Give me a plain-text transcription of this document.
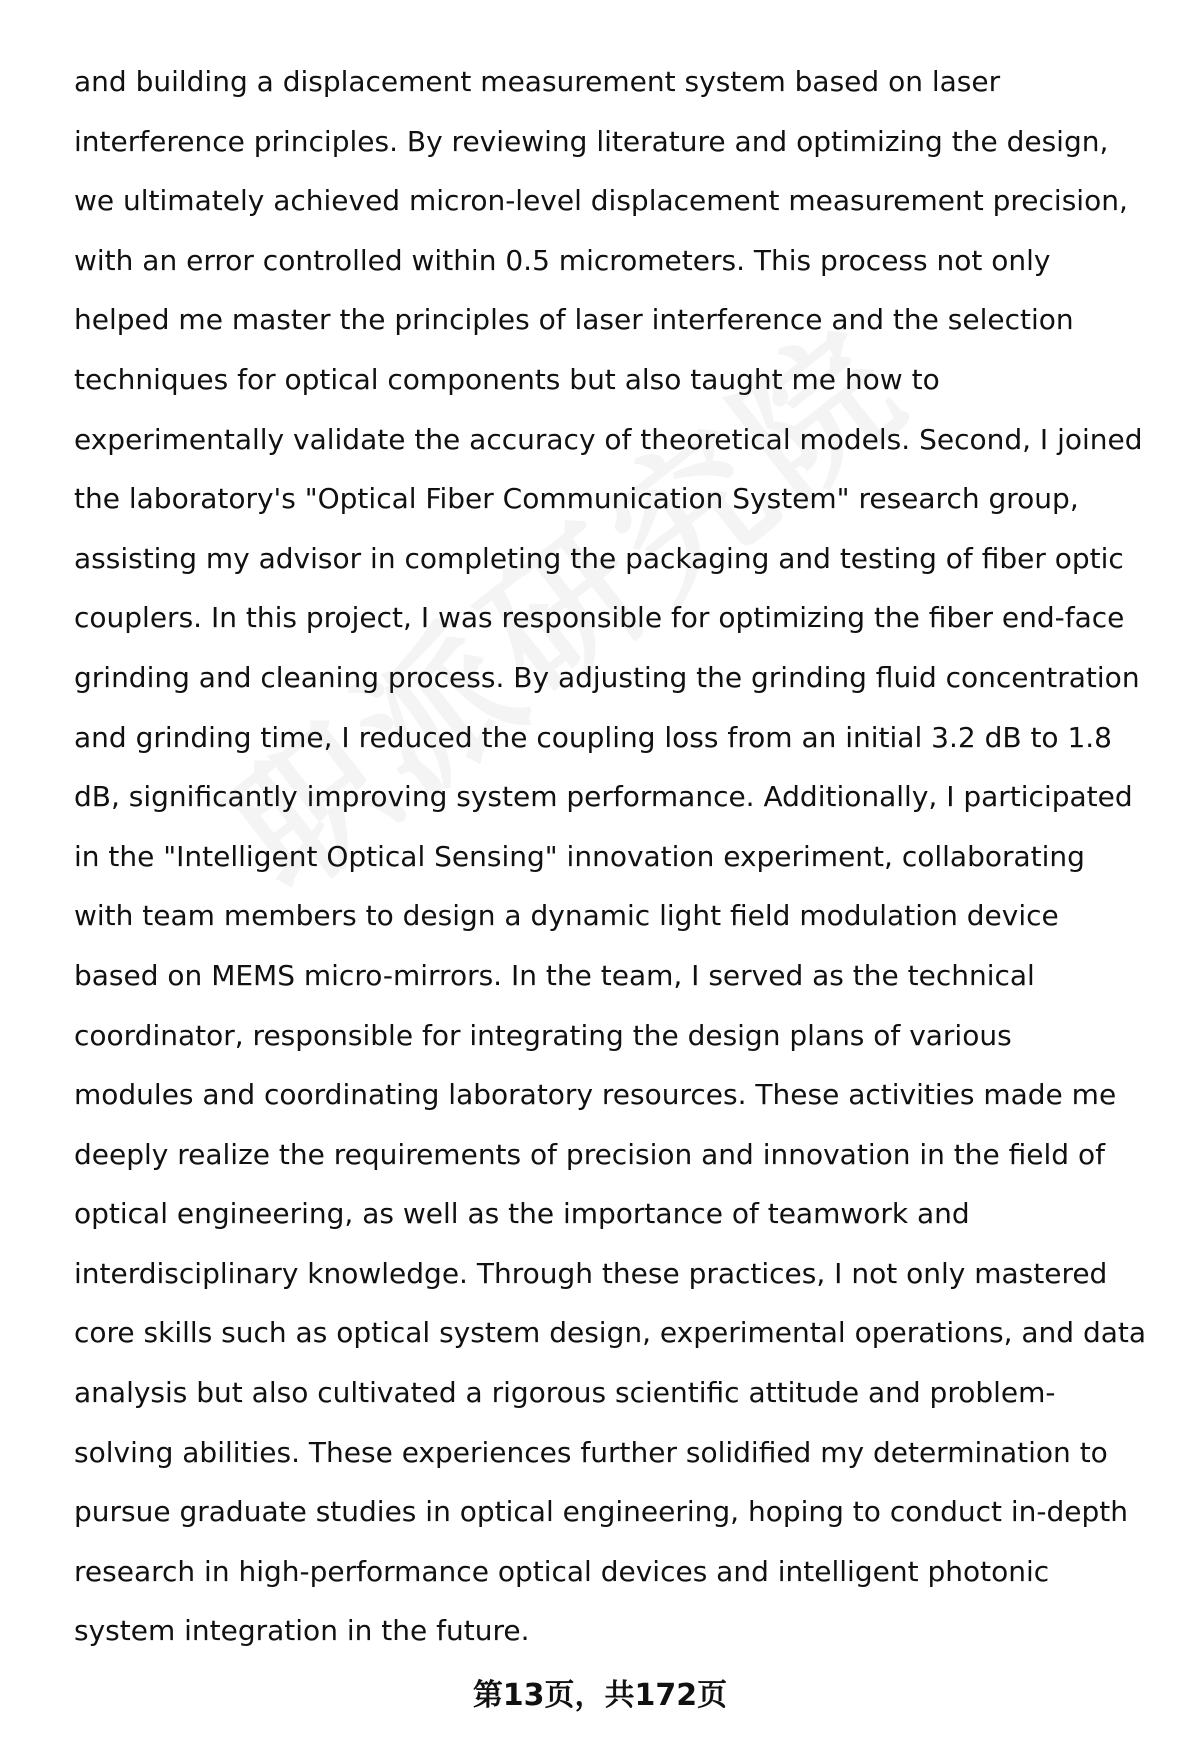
and building a displacement measurement system based on laser
interference principles. By reviewing literature and optimizing the design,
we ultimately achieved micron-level displacement measurement precision,
with an error controlled within 0.5 micrometers. This process not only
helped me master the principles of laser interference and the selection
techniques for optical components but also taught me how to
experimentally validate the accuracy of theoretical models. Second, I joined
the laboratory's "Optical Fiber Communication System" research group,
assisting my advisor in completing the packaging and testing of fiber optic
couplers. In this project, I was responsible for optimizing the fiber end-face
grinding and cleaning process. By adjusting the grinding fluid concentration
and grinding time, I reduced the coupling loss from an initial 3.2 dB to 1.8
dB, significantly improving system performance. Additionally, I participated
in the "Intelligent Optical Sensing" innovation experiment, collaborating
with team members to design a dynamic light field modulation device
based on MEMS micro-mirrors. In the team, I served as the technical
coordinator, responsible for integrating the design plans of various
modules and coordinating laboratory resources. These activities made me
deeply realize the requirements of precision and innovation in the field of
optical engineering, as well as the importance of teamwork and
interdisciplinary knowledge. Through these practices, I not only mastered
core skills such as optical system design, experimental operations, and data
analysis but also cultivated a rigorous scientific attitude and problem-
solving abilities. These experiences further solidified my determination to
pursue graduate studies in optical engineering, hoping to conduct in-depth
research in high-performance optical devices and intelligent photonic
system integration in the future.
第13页，共172页
